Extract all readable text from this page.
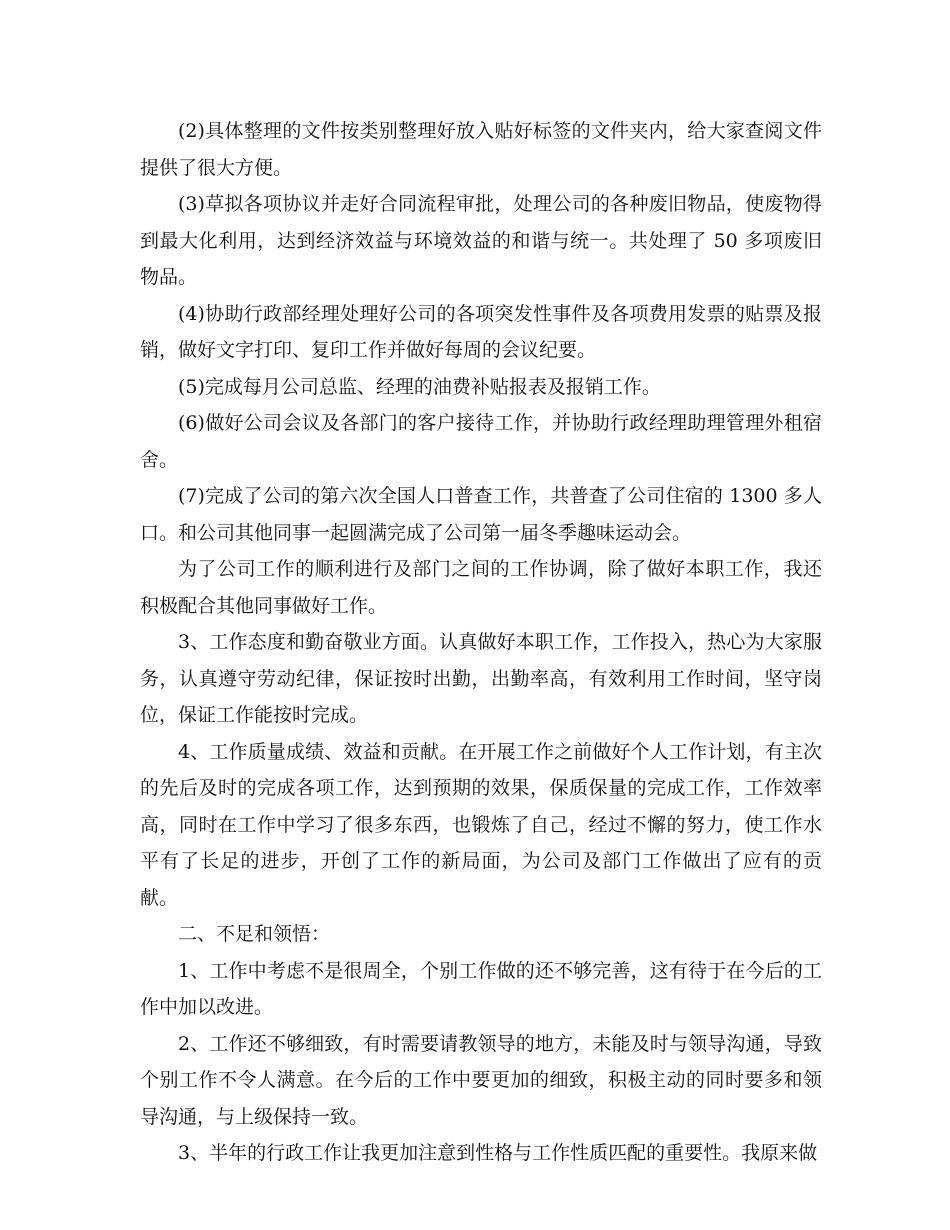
(2)具体整理的文件按类别整理好放入贴好标签的文件夹内，给大家查阅文件提供了很大方便。

(3)草拟各项协议并走好合同流程审批，处理公司的各种废旧物品，使废物得到最大化利用，达到经济效益与环境效益的和谐与统一。共处理了 50 多项废旧物品。

(4)协助行政部经理处理好公司的各项突发性事件及各项费用发票的贴票及报销，做好文字打印、复印工作并做好每周的会议纪要。

(5)完成每月公司总监、经理的油费补贴报表及报销工作。

(6)做好公司会议及各部门的客户接待工作，并协助行政经理助理管理外租宿舍。

(7)完成了公司的第六次全国人口普查工作，共普查了公司住宿的 1300 多人口。和公司其他同事一起圆满完成了公司第一届冬季趣味运动会。

为了公司工作的顺利进行及部门之间的工作协调，除了做好本职工作，我还积极配合其他同事做好工作。

3、工作态度和勤奋敬业方面。认真做好本职工作，工作投入，热心为大家服务，认真遵守劳动纪律，保证按时出勤，出勤率高，有效利用工作时间，坚守岗位，保证工作能按时完成。

4、工作质量成绩、效益和贡献。在开展工作之前做好个人工作计划，有主次的先后及时的完成各项工作，达到预期的效果，保质保量的完成工作，工作效率高，同时在工作中学习了很多东西，也锻炼了自己，经过不懈的努力，使工作水平有了长足的进步，开创了工作的新局面，为公司及部门工作做出了应有的贡献。

二、不足和领悟：

1、工作中考虑不是很周全，个别工作做的还不够完善，这有待于在今后的工作中加以改进。

2、工作还不够细致，有时需要请教领导的地方，未能及时与领导沟通，导致个别工作不令人满意。在今后的工作中要更加的细致，积极主动的同时要多和领导沟通，与上级保持一致。

3、半年的行政工作让我更加注意到性格与工作性质匹配的重要性。我原来做
